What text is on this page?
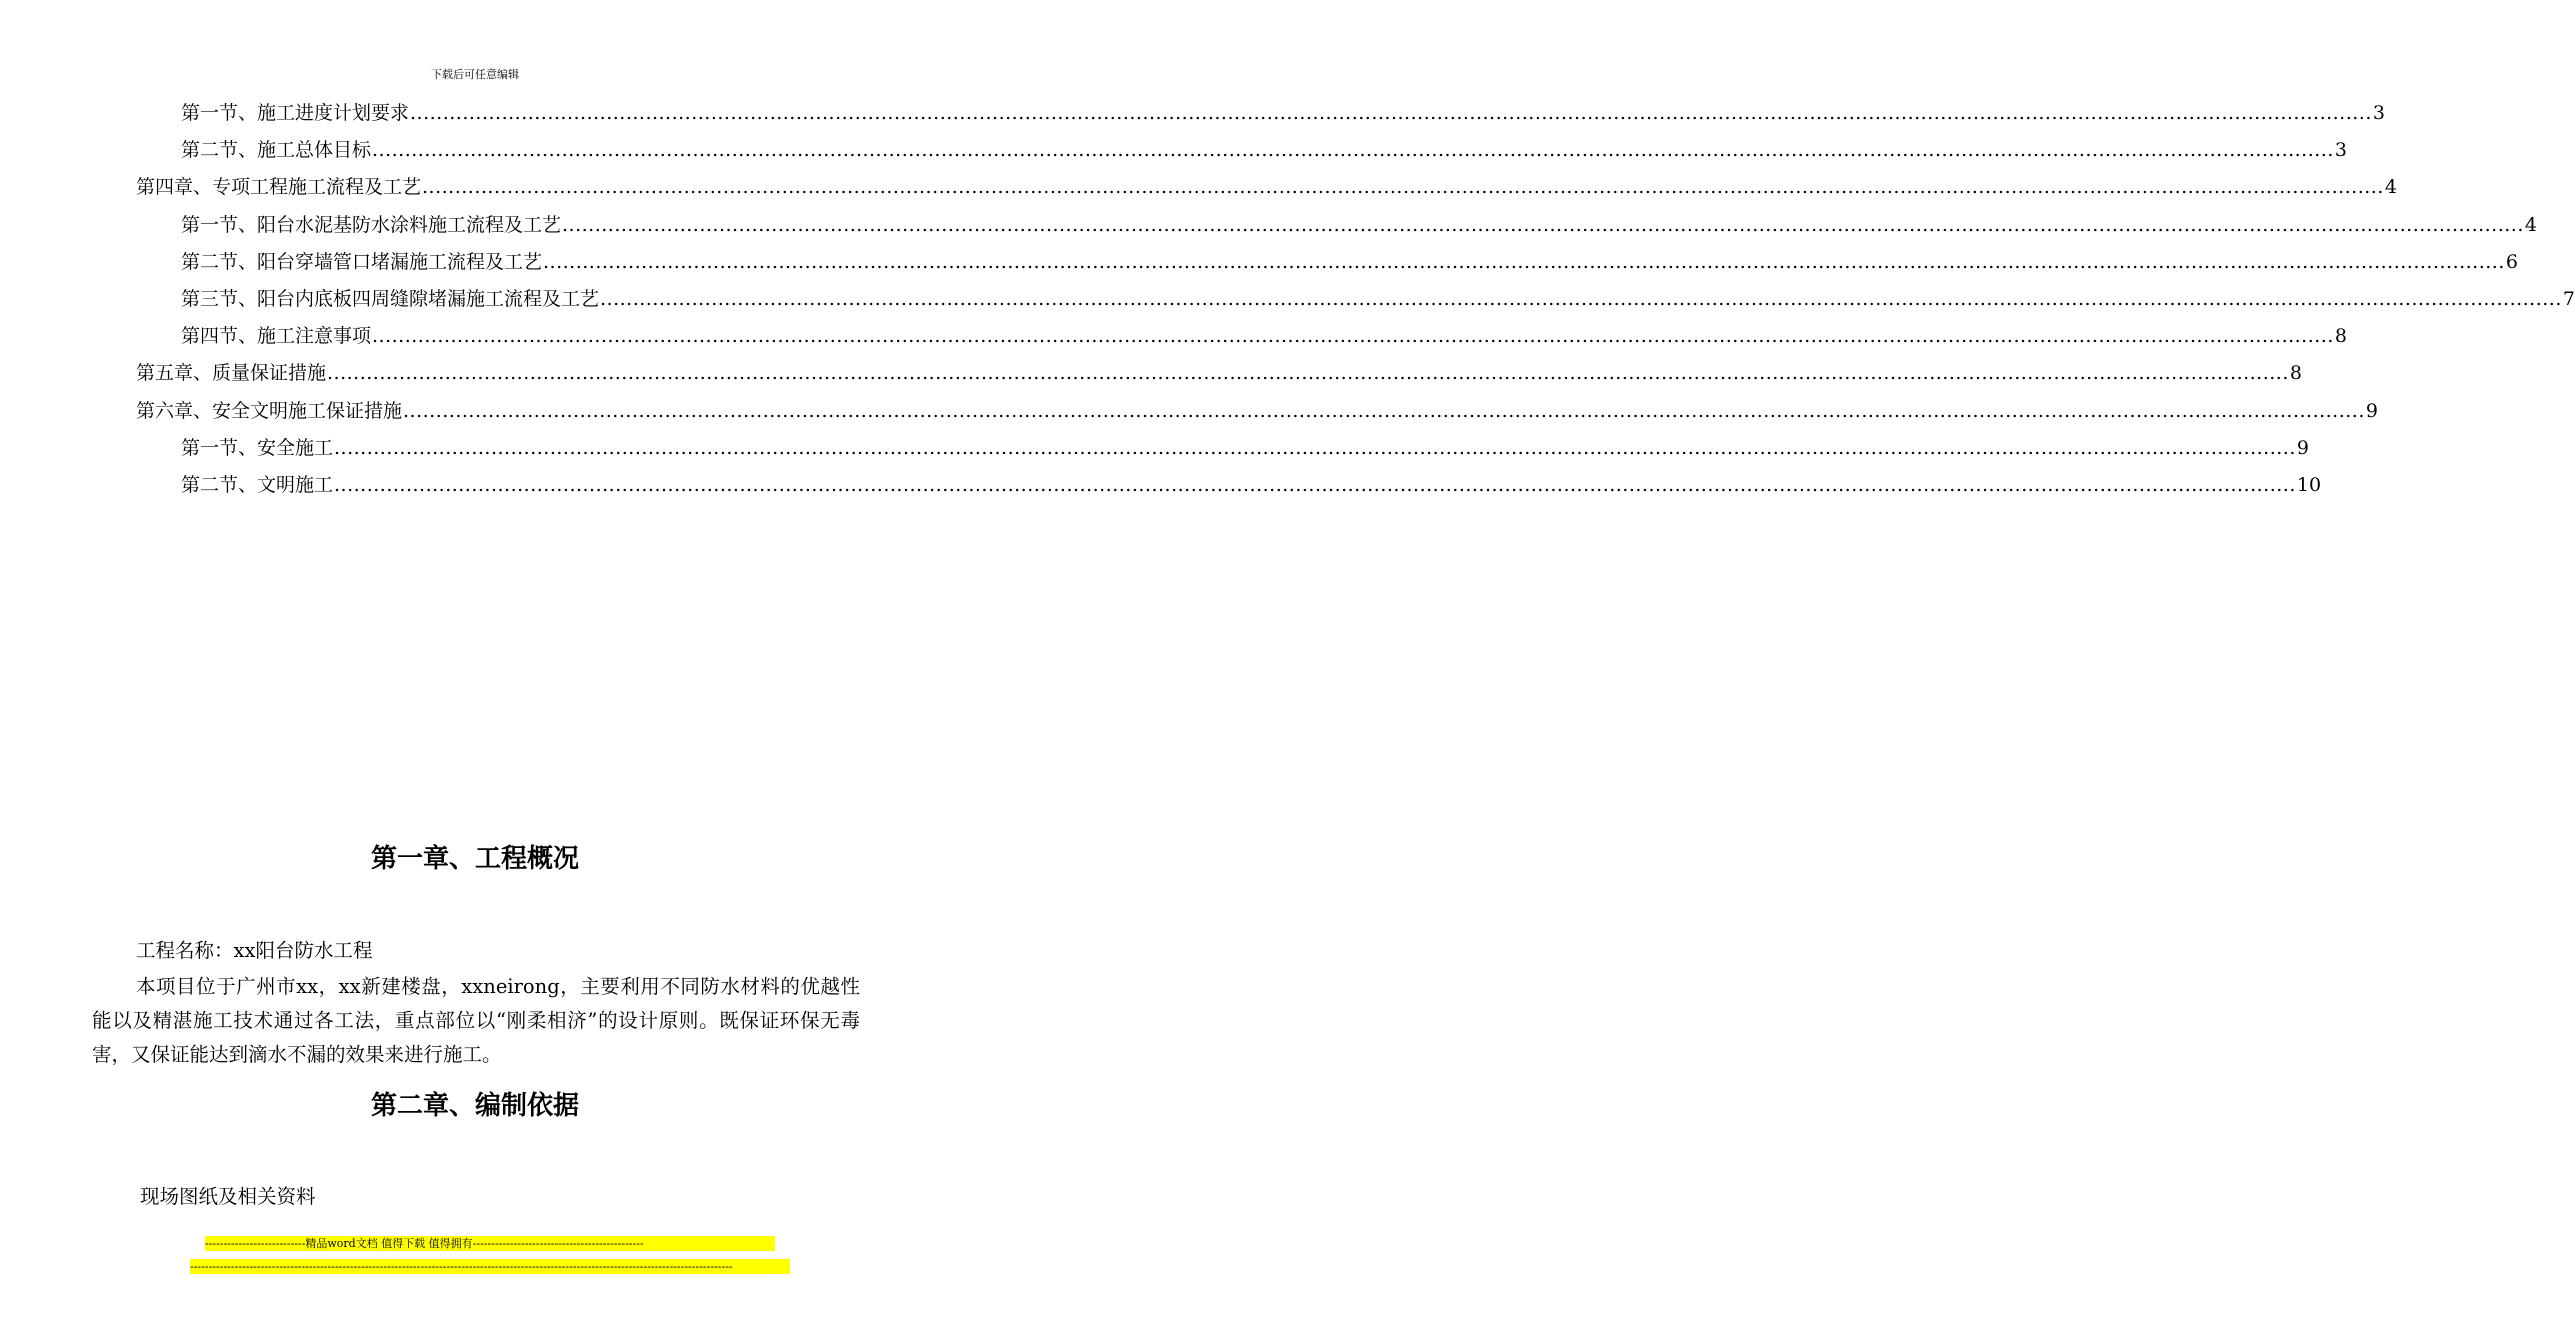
下载后可任意编辑
第一节、施工进度计划要求 ............................................................................................................................................................................................................................................................................................................ 3
第二节、施工总体目标 ............................................................................................................................................................................................................................................................................................................ 3
第四章、专项工程施工流程及工艺 ............................................................................................................................................................................................................................................................................................................ 4
第一节、阳台水泥基防水涂料施工流程及工艺 ............................................................................................................................................................................................................................................................................................................ 4
第二节、阳台穿墙管口堵漏施工流程及工艺 ............................................................................................................................................................................................................................................................................................................ 6
第三节、阳台内底板四周缝隙堵漏施工流程及工艺 ............................................................................................................................................................................................................................................................................................................ 7
第四节、施工注意事项 ............................................................................................................................................................................................................................................................................................................ 8
第五章、质量保证措施 ............................................................................................................................................................................................................................................................................................................ 8
第六章、安全文明施工保证措施 ............................................................................................................................................................................................................................................................................................................ 9
第一节、安全施工 ............................................................................................................................................................................................................................................................................................................ 9
第二节、文明施工 ............................................................................................................................................................................................................................................................................................................ 10
第一章、工程概况
工程名称：xx阳台防水工程
本项目位于广州市xx，xx新建楼盘，xxneirong，主要利用不同防水材料的优越性能以及精湛施工技术通过各工法，重点部位以“刚柔相济”的设计原则。既保证环保无毒害，又保证能达到滴水不漏的效果来进行施工。
第二章、编制依据
现场图纸及相关资料
---------------------------精品word文档 值得下载 值得拥有----------------------------------------------
--------------------------------------------------------------------------------------------------------------------------------------------------
